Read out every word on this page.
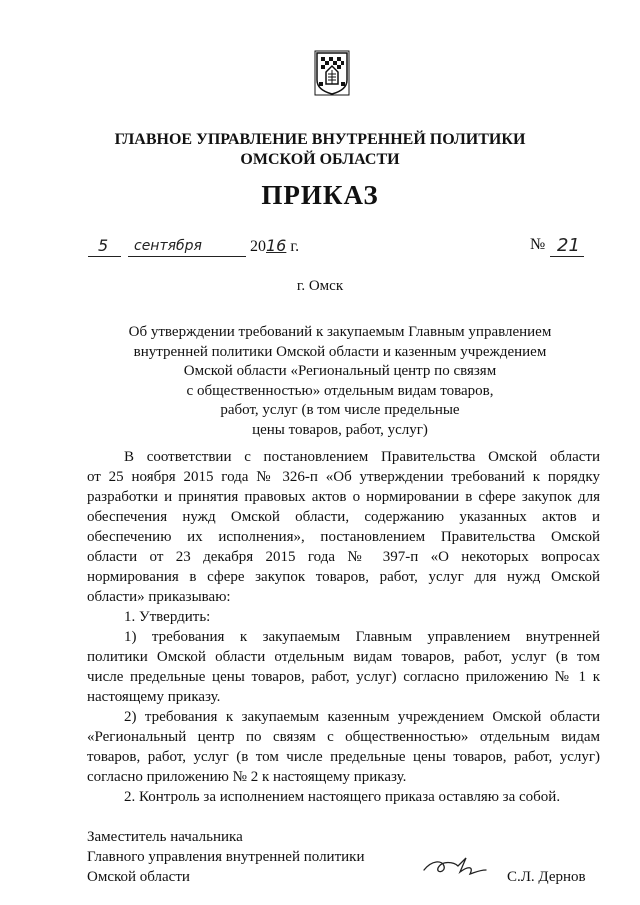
ГЛАВНОЕ УПРАВЛЕНИЕ ВНУТРЕННЕЙ ПОЛИТИКИ
ОМСКОЙ ОБЛАСТИ
ПРИКАЗ
5 сентября	2016 г.	№ 21
г. Омск
Об утверждении требований к закупаемым Главным управлением
внутренней политики Омской области и казенным учреждением
Омской области «Региональный центр по связям
с общественностью» отдельным видам товаров,
работ, услуг (в том числе предельные
цены товаров, работ, услуг)
В соответствии с постановлением Правительства Омской области
от 25 ноября 2015 года № 326-п «Об утверждении требований к порядку
разработки и принятия правовых актов о нормировании в сфере закупок для
обеспечения нужд Омской области, содержанию указанных актов и
обеспечению их исполнения», постановлением Правительства Омской
области от 23 декабря 2015 года № 397-п «О некоторых вопросах
нормирования в сфере закупок товаров, работ, услуг для нужд Омской
области» приказываю:
1. Утвердить:
1) требования к закупаемым Главным управлением внутренней
политики Омской области отдельным видам товаров, работ, услуг (в том
числе предельные цены товаров, работ, услуг) согласно приложению № 1 к
настоящему приказу.
2) требования к закупаемым казенным учреждением Омской области
«Региональный центр по связям с общественностью» отдельным видам
товаров, работ, услуг (в том числе предельные цены товаров, работ, услуг)
согласно приложению № 2 к настоящему приказу.
2. Контроль за исполнением настоящего приказа оставляю за собой.
Заместитель начальника
Главного управления внутренней политики
Омской области	С.Л. Дернов
